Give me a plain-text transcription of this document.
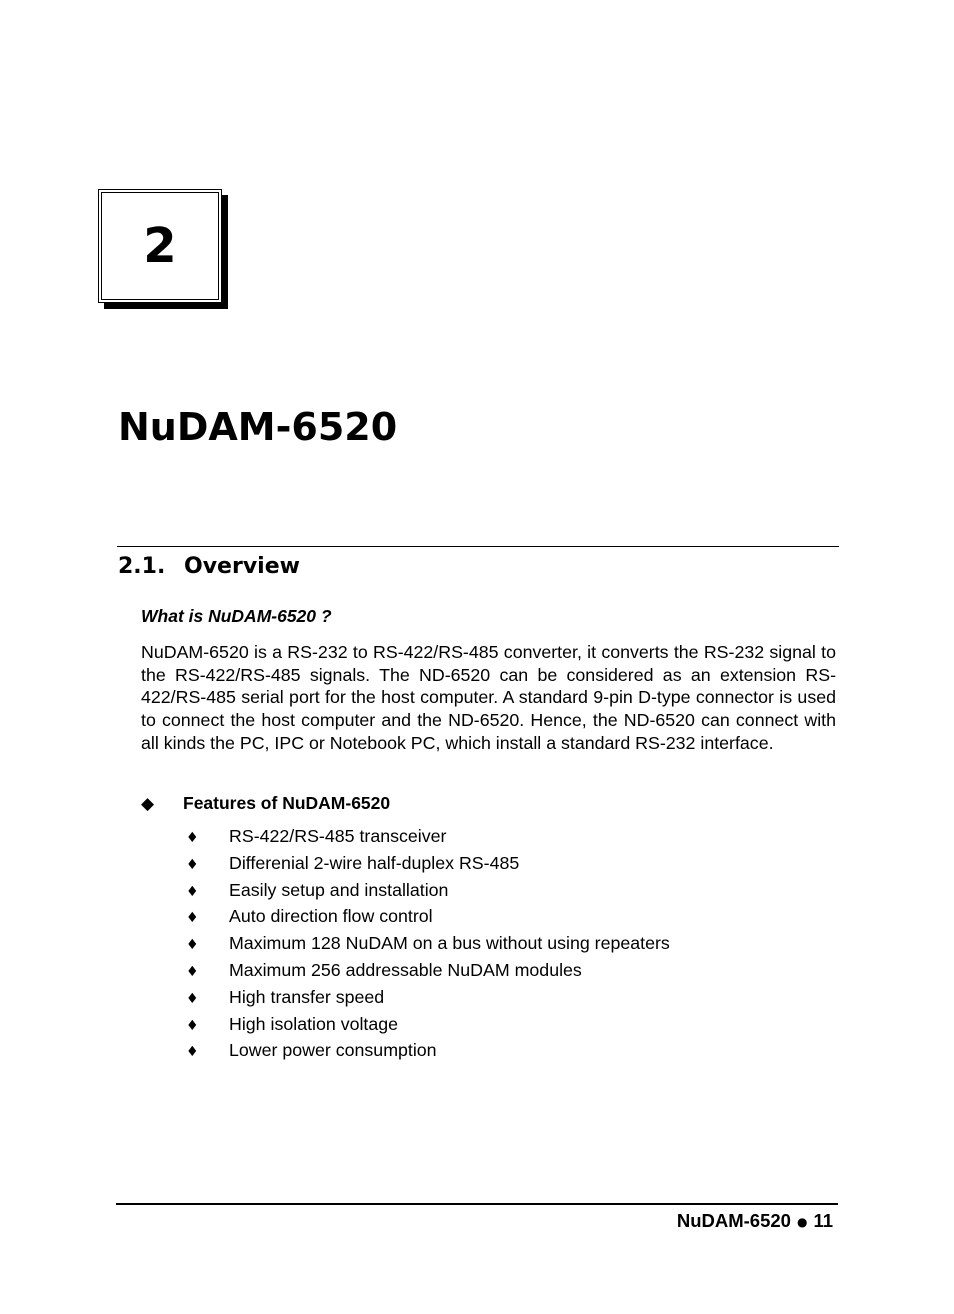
2
NuDAM-6520
2.1. Overview
What is NuDAM-6520 ?

NuDAM-6520 is a RS-232 to RS-422/RS-485 converter, it converts the RS-232 signal to the RS-422/RS-485 signals. The ND-6520 can be considered as an extension RS-422/RS-485 serial port for the host computer. A standard 9-pin D-type connector is used to connect the host computer and the ND-6520. Hence, the ND-6520 can connect with all kinds the PC, IPC or Notebook PC, which install a standard RS-232 interface.

◆ Features of NuDAM-6520
♦ RS-422/RS-485 transceiver
♦ Differenial 2-wire half-duplex RS-485
♦ Easily setup and installation
♦ Auto direction flow control
♦ Maximum 128 NuDAM on a bus without using repeaters
♦ Maximum 256 addressable NuDAM modules
♦ High transfer speed
♦ High isolation voltage
♦ Lower power consumption
NuDAM-6520 ● 11
